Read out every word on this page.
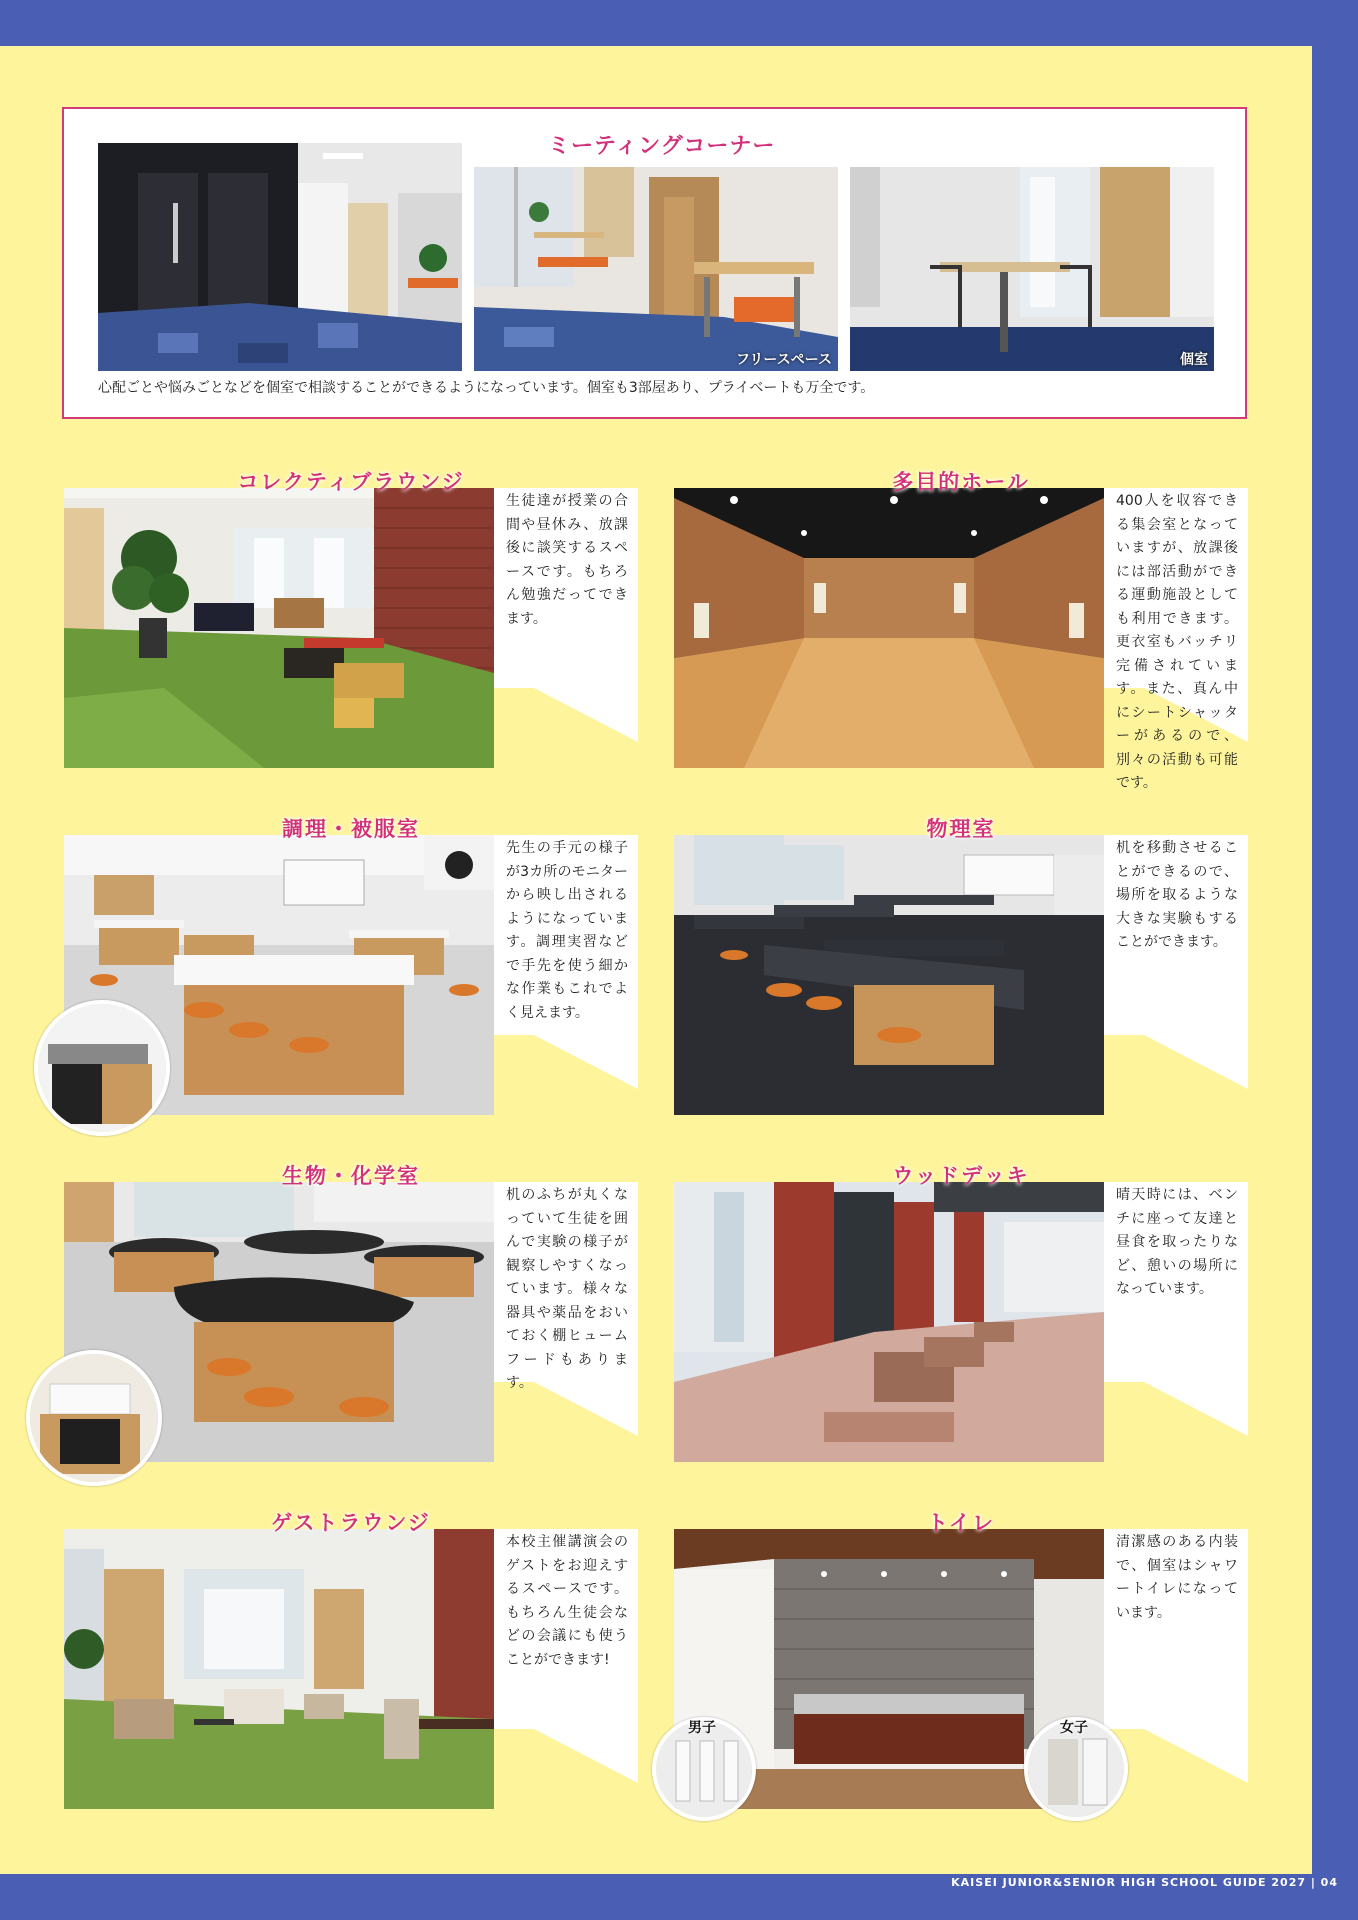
ミーティングコーナー
フリースペース	個室
心配ごとや悩みごとなどを個室で相談することができるようになっています。個室も3部屋あり、プライベートも万全です。
コレクティブラウンジ
生徒達が授業の合間や昼休み、放課後に談笑するスペースです。もちろん勉強だってできます。
多目的ホール
400人を収容できる集会室となっていますが、放課後には部活動ができる運動施設としても利用できます。更衣室もバッチリ完備されています。また、真ん中にシートシャッターがあるので、別々の活動も可能です。
調理・被服室
先生の手元の様子が3カ所のモニターから映し出されるようになっています。調理実習などで手先を使う細かな作業もこれでよく見えます。
物理室
机を移動させることができるので、場所を取るような大きな実験もすることができます。
生物・化学室
机のふちが丸くなっていて生徒を囲んで実験の様子が観察しやすくなっています。様々な器具や薬品をおいておく棚ヒュームフードもあります。
ウッドデッキ
晴天時には、ベンチに座って友達と昼食を取ったりなど、憩いの場所になっています。
ゲストラウンジ
本校主催講演会のゲストをお迎えするスペースです。もちろん生徒会などの会議にも使うことができます!
トイレ
清潔感のある内装で、個室はシャワートイレになっています。
男子	女子
KAISEI JUNIOR&SENIOR HIGH SCHOOL GUIDE 2027 | 04
